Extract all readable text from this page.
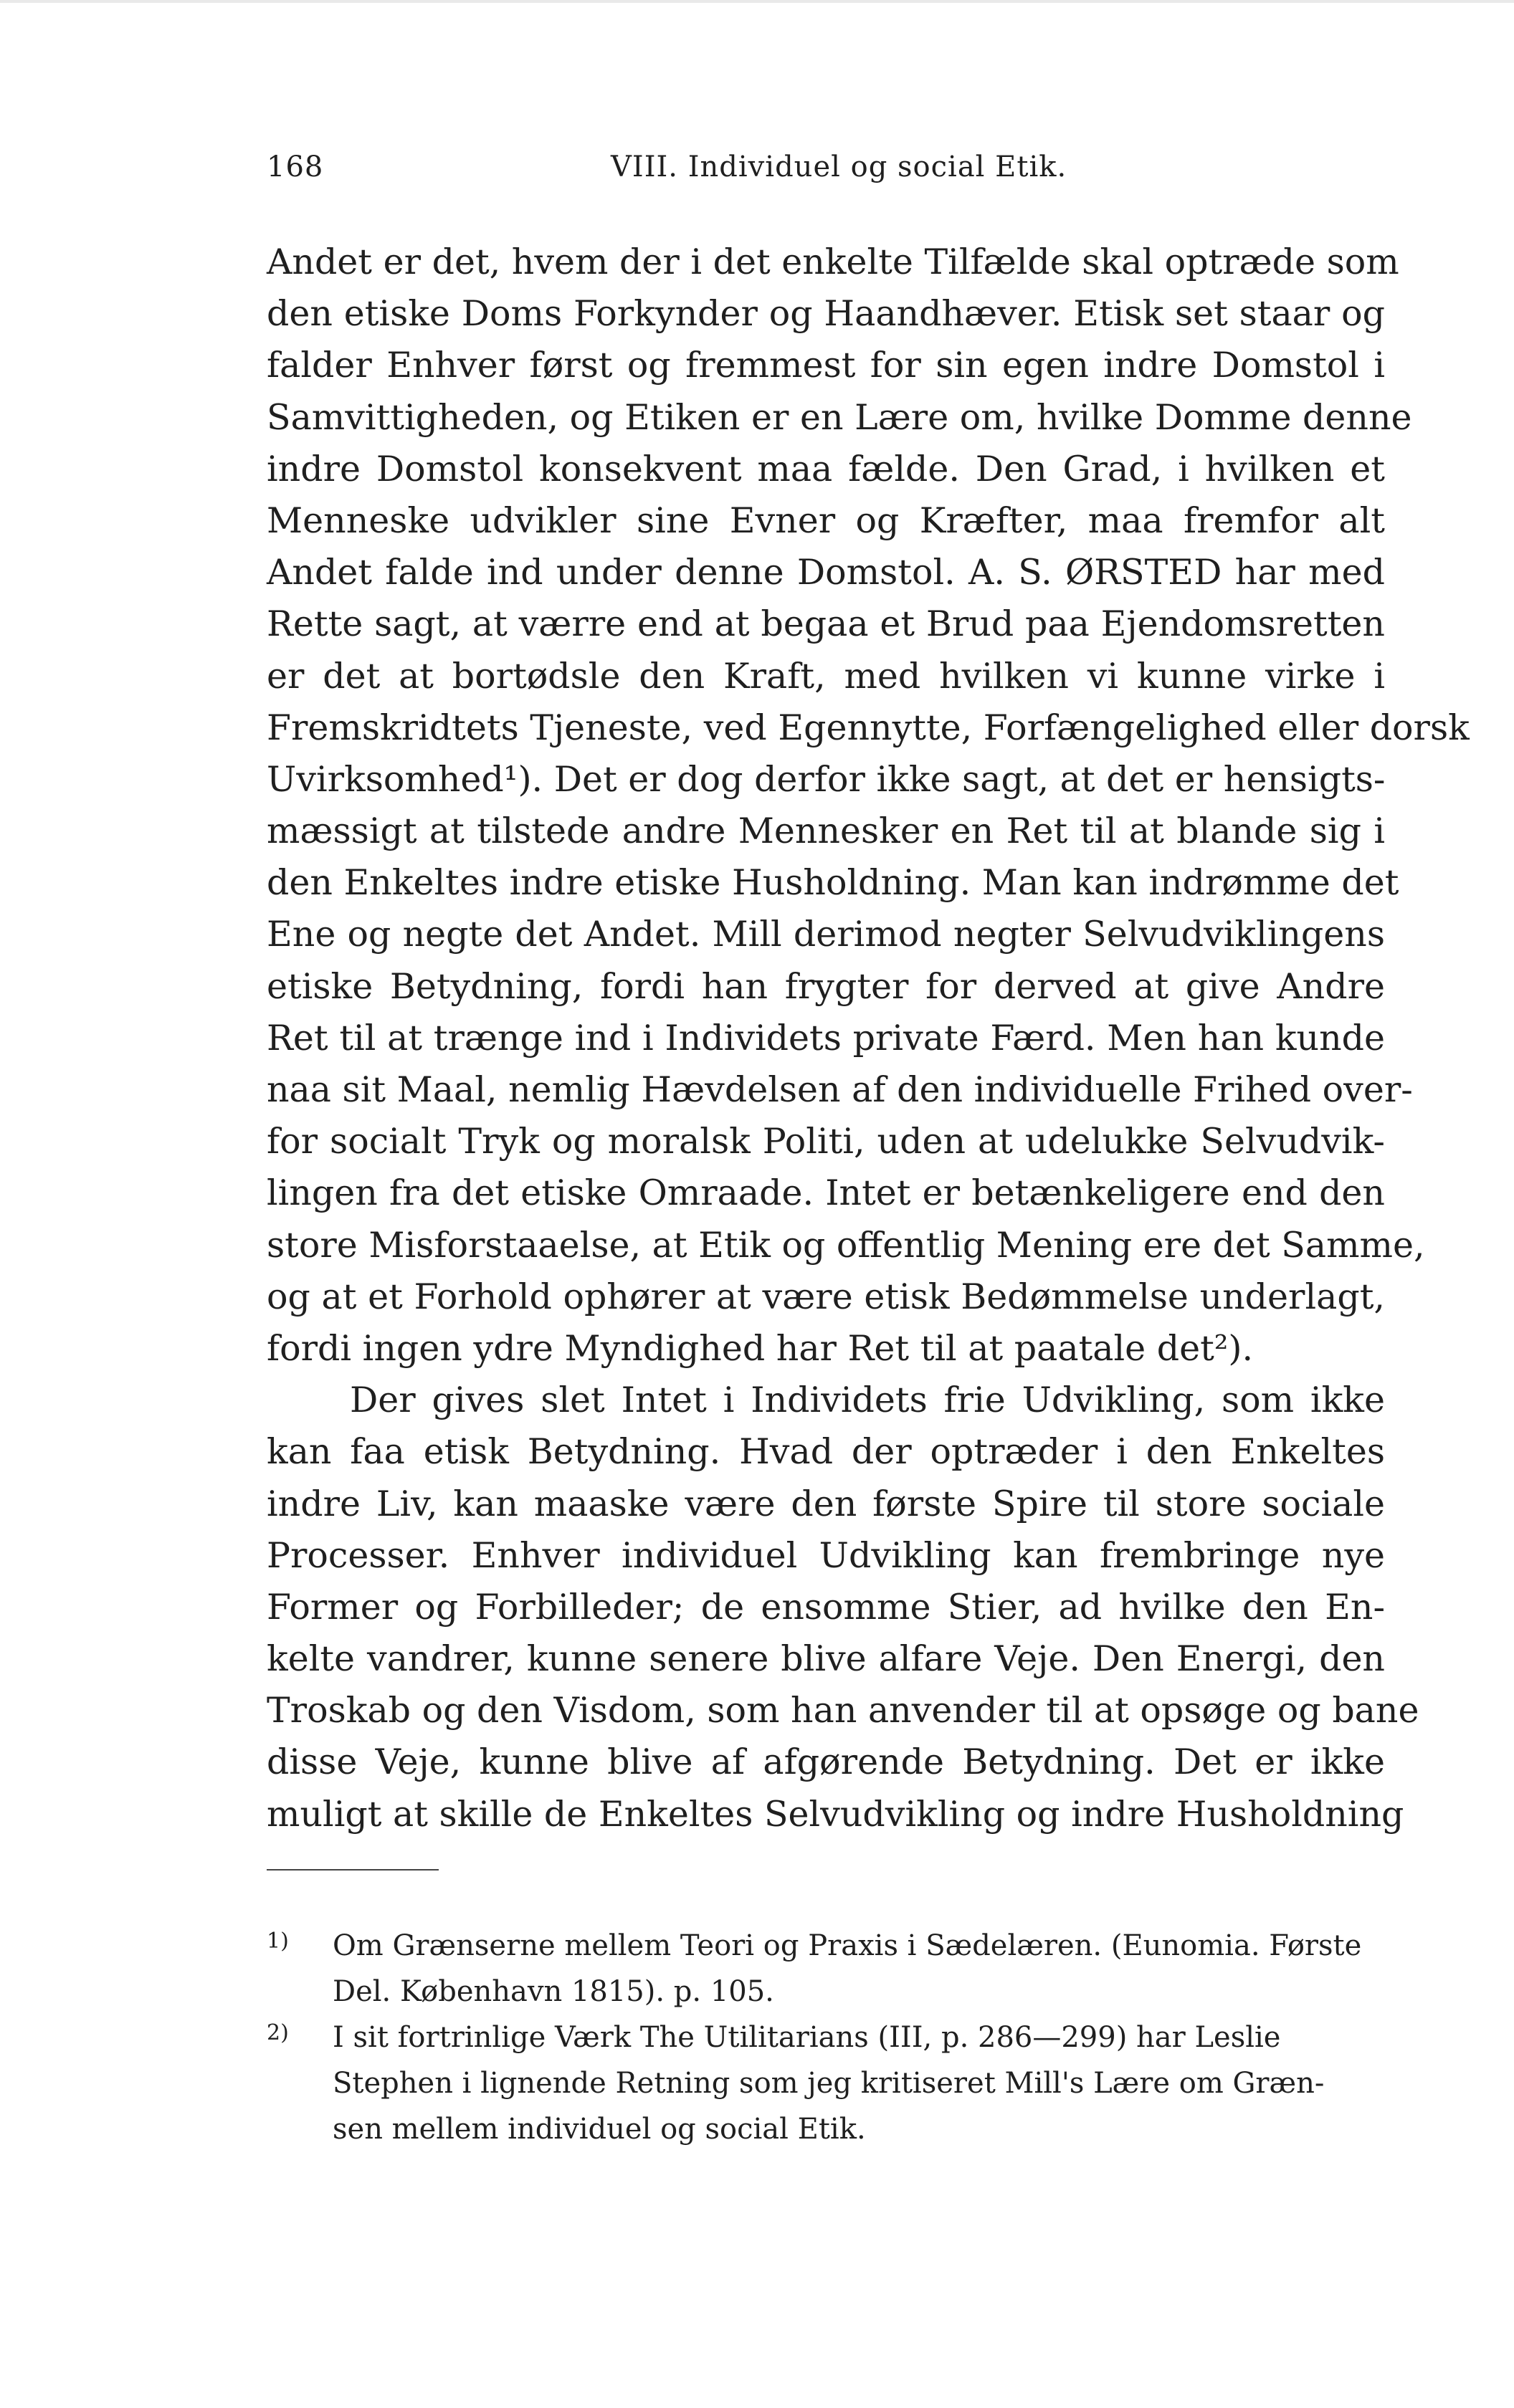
168	VIII. Individuel og social Etik.
Andet er det, hvem der i det enkelte Tilfælde skal optræde som
den etiske Doms Forkynder og Haandhæver. Etisk set staar og
falder Enhver først og fremmest for sin egen indre Domstol i
Samvittigheden, og Etiken er en Lære om, hvilke Domme denne
indre Domstol konsekvent maa fælde. Den Grad, i hvilken et
Menneske udvikler sine Evner og Kræfter, maa fremfor alt
Andet falde ind under denne Domstol. A. S. ØRSTED har med
Rette sagt, at værre end at begaa et Brud paa Ejendomsretten
er det at bortødsle den Kraft, med hvilken vi kunne virke i
Fremskridtets Tjeneste, ved Egennytte, Forfængelighed eller dorsk
Uvirksomhed¹). Det er dog derfor ikke sagt, at det er hensigts-
mæssigt at tilstede andre Mennesker en Ret til at blande sig i
den Enkeltes indre etiske Husholdning. Man kan indrømme det
Ene og negte det Andet. Mill derimod negter Selvudviklingens
etiske Betydning, fordi han frygter for derved at give Andre
Ret til at trænge ind i Individets private Færd. Men han kunde
naa sit Maal, nemlig Hævdelsen af den individuelle Frihed over-
for socialt Tryk og moralsk Politi, uden at udelukke Selvudvik-
lingen fra det etiske Omraade. Intet er betænkeligere end den
store Misforstaaelse, at Etik og offentlig Mening ere det Samme,
og at et Forhold ophører at være etisk Bedømmelse underlagt,
fordi ingen ydre Myndighed har Ret til at paatale det²).
Der gives slet Intet i Individets frie Udvikling, som ikke
kan faa etisk Betydning. Hvad der optræder i den Enkeltes
indre Liv, kan maaske være den første Spire til store sociale
Processer. Enhver individuel Udvikling kan frembringe nye
Former og Forbilleder; de ensomme Stier, ad hvilke den En-
kelte vandrer, kunne senere blive alfare Veje. Den Energi, den
Troskab og den Visdom, som han anvender til at opsøge og bane
disse Veje, kunne blive af afgørende Betydning. Det er ikke
muligt at skille de Enkeltes Selvudvikling og indre Husholdning
1) Om Grænserne mellem Teori og Praxis i Sædelæren. (Eunomia. Første
Del. København 1815). p. 105.
2) I sit fortrinlige Værk The Utilitarians (III, p. 286—299) har Leslie
Stephen i lignende Retning som jeg kritiseret Mill's Lære om Græn-
sen mellem individuel og social Etik.
